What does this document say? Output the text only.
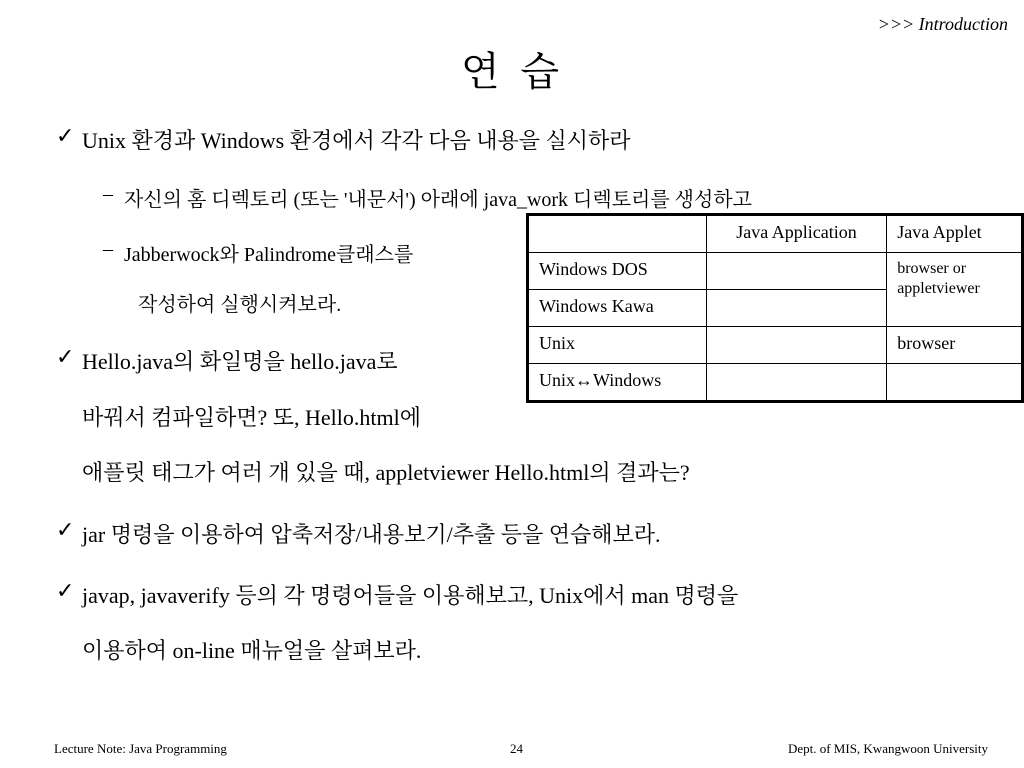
>>> Introduction
연 습
✓ Unix 환경과 Windows 환경에서 각각 다음 내용을 실시하라
– 자신의 홈 디렉토리 (또는 '내문서') 아래에 java_work 디렉토리를 생성하고
– Jabberwock와 Palindrome클래스를
작성하여 실행시켜보라.
✓ Hello.java의 화일명을 hello.java로
바꿔서 컴파일하면? 또, Hello.html에
애플릿 태그가 여러 개 있을 때, appletviewer Hello.html의 결과는?
✓ jar 명령을 이용하여 압축저장/내용보기/추출 등을 연습해보라.
✓ javap, javaverify 등의 각 명령어들을 이용해보고, Unix에서 man 명령을
이용하여 on-line 매뉴얼을 살펴보라.
	Java Application	Java Applet
Windows DOS		browser or appletviewer
Windows Kawa		
Unix		browser
Unix↔Windows		
Lecture Note: Java Programming	24	Dept. of MIS, Kwangwoon University
